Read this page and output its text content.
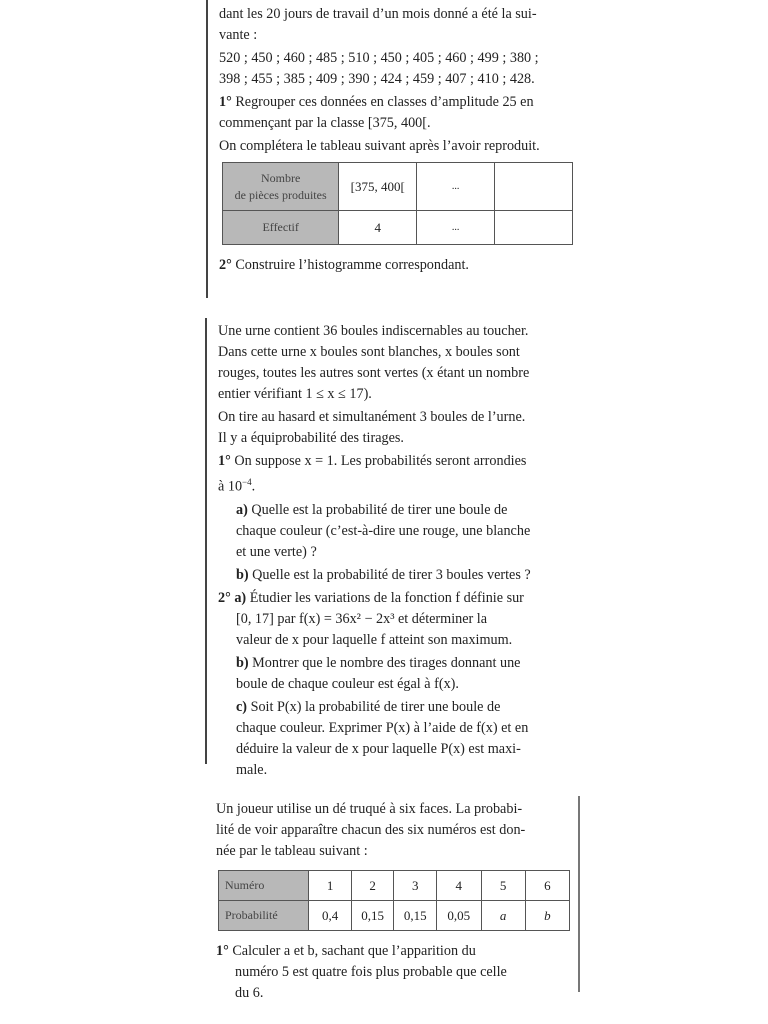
dant les 20 jours de travail d’un mois donné a été la sui-
vante :

520 ; 450 ; 460 ; 485 ; 510 ; 450 ; 405 ; 460 ; 499 ; 380 ;
398 ; 455 ; 385 ; 409 ; 390 ; 424 ; 459 ; 407 ; 410 ; 428.

1° Regrouper ces données en classes d’amplitude 25 en
commençant par la classe [375, 400[.

On complétera le tableau suivant après l’avoir reproduit.

Nombre
de pièces produites	[375, 400[	...	
Effectif	4	...	

2° Construire l’histogramme correspondant.

Une urne contient 36 boules indiscernables au toucher.
Dans cette urne x boules sont blanches, x boules sont
rouges, toutes les autres sont vertes (x étant un nombre
entier vérifiant 1 ≤ x ≤ 17).

On tire au hasard et simultanément 3 boules de l’urne.
Il y a équiprobabilité des tirages.

1° On suppose x = 1. Les probabilités seront arrondies
à $10^{-4}$.

a) Quelle est la probabilité de tirer une boule de
chaque couleur (c’est-à-dire une rouge, une blanche
et une verte) ?

b) Quelle est la probabilité de tirer 3 boules vertes ?

2° a) Étudier les variations de la fonction f définie sur
[0, 17] par f(x) = 36x² − 2x³ et déterminer la
valeur de x pour laquelle f atteint son maximum.

b) Montrer que le nombre des tirages donnant une
boule de chaque couleur est égal à f(x).

c) Soit P(x) la probabilité de tirer une boule de
chaque couleur. Exprimer P(x) à l’aide de f(x) et en
déduire la valeur de x pour laquelle P(x) est maxi-
male.

Un joueur utilise un dé truqué à six faces. La probabi-
lité de voir apparaître chacun des six numéros est don-
née par le tableau suivant :

Numéro	1	2	3	4	5	6
Probabilité	0,4	0,15	0,15	0,05	a	b

1° Calculer a et b, sachant que l’apparition du
numéro 5 est quatre fois plus probable que celle
du 6.
